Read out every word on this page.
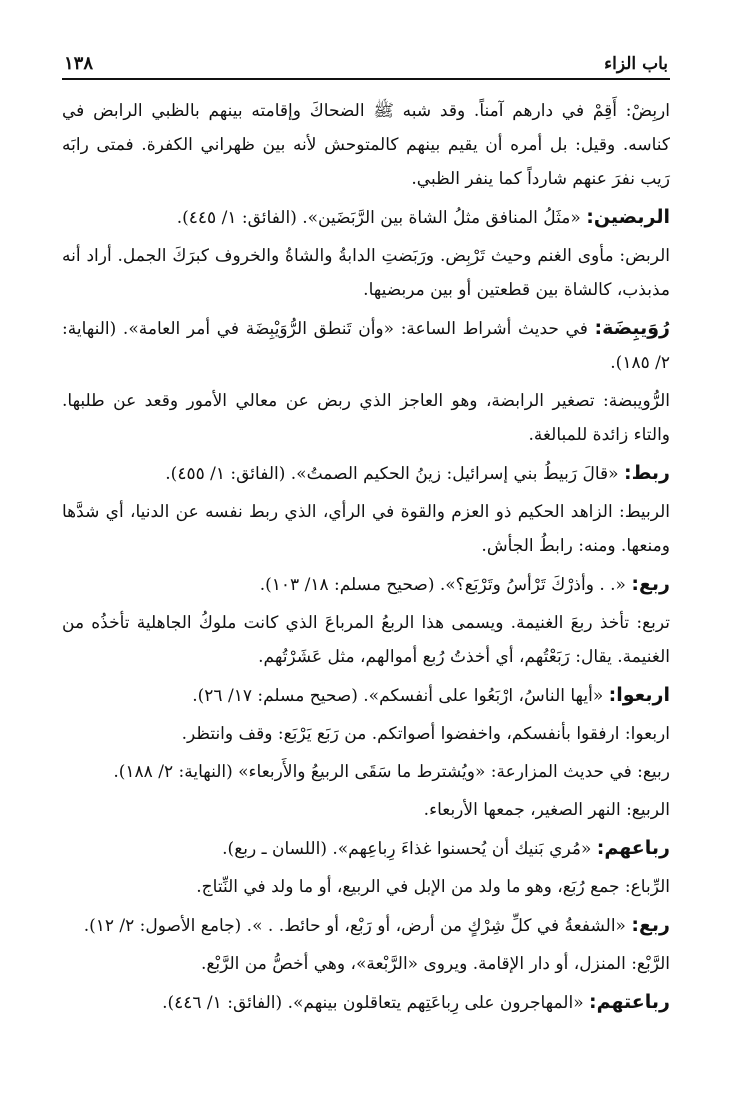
باب الزاء
١٣٨

اربِضْ: أَقِمْ في دارهم آمناً. وقد شبه ﷺ الضحاكَ وإقامته بينهم بالظبي الرابض في كناسه. وقيل: بل أمره أن يقيم بينهم كالمتوحش لأنه بين ظهراني الكفرة. فمتى رابَه رَيب نفرَ عنهم شارداً كما ينفر الظبي.

الربضين: «مثَلُ المنافق مثلُ الشاة بين الرَّبَضَين». (الفائق: ١/ ٤٤٥).

الربض: مأوى الغنم وحيث تَرْبِض. ورَبَضتِ الدابةُ والشاةُ والخروف كبرَكَ الجمل. أراد أنه مذبذب، كالشاة بين قطعتين أو بين مربضيها.

رُوَيبِضَة: في حديث أشراط الساعة: «وأن تَنطق الرُّوَيْبِضَة في أمر العامة». (النهاية: ٢/ ١٨٥).

الرُّويبضة: تصغير الرابضة، وهو العاجز الذي ربض عن معالي الأمور وقعد عن طلبها. والتاء زائدة للمبالغة.

ربط: «قالَ رَبيطُ بني إسرائيل: زينُ الحكيم الصمتُ». (الفائق: ١/ ٤٥٥).

الربيط: الزاهد الحكيم ذو العزم والقوة في الرأي، الذي ربط نفسه عن الدنيا، أي شدَّها ومنعها. ومنه: رابطُ الجأش.

ربع: «. . وأذرْكَ تَرْأسُ وتَرْبَع؟». (صحيح مسلم: ١٨/ ١٠٣).

تربع: تأخذ ربعَ الغنيمة. ويسمى هذا الربعُ المرباعَ الذي كانت ملوكُ الجاهلية تأخذُه من الغنيمة. يقال: رَبَعْتُهم، أي أخذتُ رُبع أموالهم، مثل عَشَرْتُهم.

اربعوا: «أيها الناسُ، ارْبَعُوا على أنفسكم». (صحيح مسلم: ١٧/ ٢٦).

اربعوا: ارفقوا بأنفسكم، واخفضوا أصواتكم. من رَبَع يَرْبَع: وقف وانتظر.

ربيع: في حديث المزارعة: «ويُشترط ما سَقَى الربيعُ والأَربعاء» (النهاية: ٢/ ١٨٨).

الربيع: النهر الصغير، جمعها الأربعاء.

رباعهم: «مُري بَنيك أن يُحسنوا غذاءَ رِباعِهم». (اللسان ـ ربع).

الرِّباع: جمع رُبَع، وهو ما ولد من الإبل في الربيع، أو ما ولد في النِّتاج.

ربع: «الشفعةُ في كلِّ شِرْكٍ من أرض، أو رَبْع، أو حائط. . ». (جامع الأصول: ٢/ ١٢).

الرَّبْع: المنزل، أو دار الإقامة. ويروى «الرَّبْعة»، وهي أخصُّ من الرَّبْع.

رباعتهم: «المهاجرون على رِباعَتِهم يتعاقلون بينهم». (الفائق: ١/ ٤٤٦).
